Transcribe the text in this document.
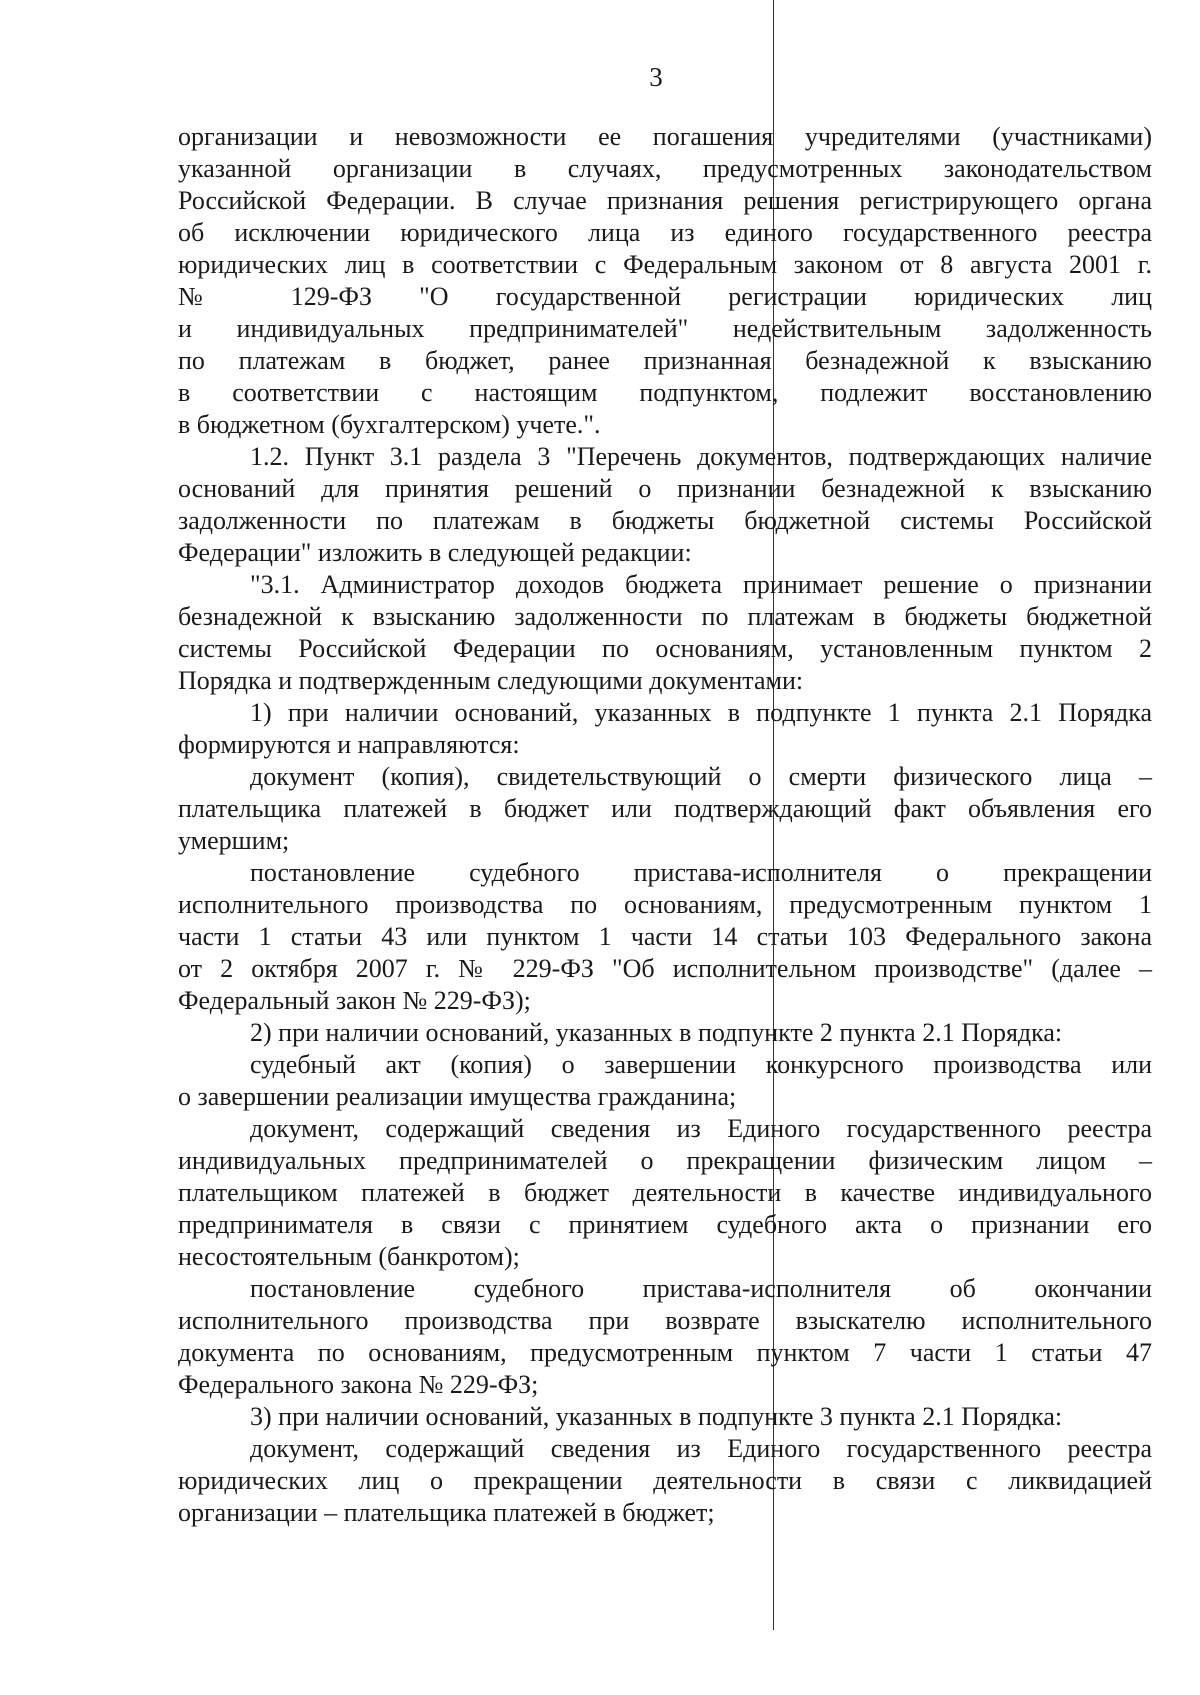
3
организации и невозможности ее погашения учредителями (участниками)
указанной организации в случаях, предусмотренных законодательством
Российской Федерации. В случае признания решения регистрирующего органа
об исключении юридического лица из единого государственного реестра
юридических лиц в соответствии с Федеральным законом от 8 августа 2001 г.
№ 129-ФЗ "О государственной регистрации юридических лиц
и индивидуальных предпринимателей" недействительным задолженность
по платежам в бюджет, ранее признанная безнадежной к взысканию
в соответствии с настоящим подпунктом, подлежит восстановлению
в бюджетном (бухгалтерском) учете.".
1.2. Пункт 3.1 раздела 3 "Перечень документов, подтверждающих наличие
оснований для принятия решений о признании безнадежной к взысканию
задолженности по платежам в бюджеты бюджетной системы Российской
Федерации" изложить в следующей редакции:
"3.1. Администратор доходов бюджета принимает решение о признании
безнадежной к взысканию задолженности по платежам в бюджеты бюджетной
системы Российской Федерации по основаниям, установленным пунктом 2
Порядка и подтвержденным следующими документами:
1) при наличии оснований, указанных в подпункте 1 пункта 2.1 Порядка
формируются и направляются:
документ (копия), свидетельствующий о смерти физического лица –
плательщика платежей в бюджет или подтверждающий факт объявления его
умершим;
постановление судебного пристава-исполнителя о прекращении
исполнительного производства по основаниям, предусмотренным пунктом 1
части 1 статьи 43 или пунктом 1 части 14 статьи 103 Федерального закона
от 2 октября 2007 г. № 229-ФЗ "Об исполнительном производстве" (далее –
Федеральный закон № 229-ФЗ);
2) при наличии оснований, указанных в подпункте 2 пункта 2.1 Порядка:
судебный акт (копия) о завершении конкурсного производства или
о завершении реализации имущества гражданина;
документ, содержащий сведения из Единого государственного реестра
индивидуальных предпринимателей о прекращении физическим лицом –
плательщиком платежей в бюджет деятельности в качестве индивидуального
предпринимателя в связи с принятием судебного акта о признании его
несостоятельным (банкротом);
постановление судебного пристава-исполнителя об окончании
исполнительного производства при возврате взыскателю исполнительного
документа по основаниям, предусмотренным пунктом 7 части 1 статьи 47
Федерального закона № 229-ФЗ;
3) при наличии оснований, указанных в подпункте 3 пункта 2.1 Порядка:
документ, содержащий сведения из Единого государственного реестра
юридических лиц о прекращении деятельности в связи с ликвидацией
организации – плательщика платежей в бюджет;
